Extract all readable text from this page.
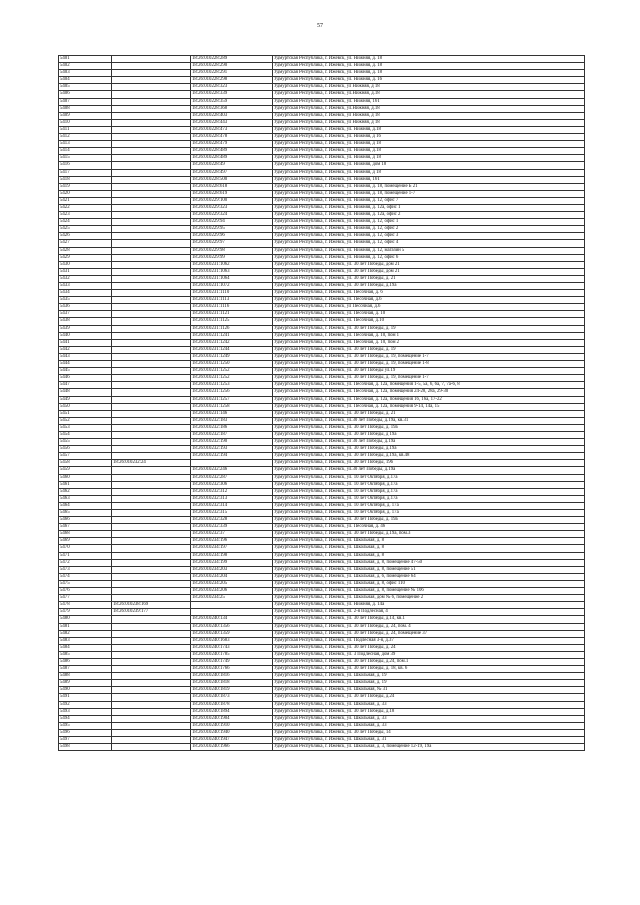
57
5401		18:26:010228:289	Удмуртская Республика, г. Ижевск, ул. Нижняя, д. 18
5402		18:26:010228:290	Удмуртская Республика, г. Ижевск, ул. Нижняя, д. 18
5403		18:26:010228:291	Удмуртская Республика, г. Ижевск, ул. Нижняя, д. 18
5404		18:26:010228:298	Удмуртская Республика, г. Ижевск, ул. Нижняя, д. 16
5405		18:26:010228:323	Удмуртская Республика, г. Ижевск, ул Нижняя, д 18
5406		18:26:010228:339	Удмуртская Республика, г. Ижевск, ул.Нижняя, д.18
5407		18:26:010228:359	Удмуртская Республика, г. Ижевск, ул. Нижняя, 16Т
5408		18:26:010228:368	Удмуртская Республика, г. Ижевск, ул.Нижняя, д.18
5409		18:26:010228:403	Удмуртская Республика, г. Ижевск, ул Нижняя, д 18
5410		18:26:010228:443	Удмуртская Республика, г. Ижевск, ул Нижняя, д 18
5411		18:26:010228:473	Удмуртская Республика, г. Ижевск, ул. Нижняя, д.18
5412		18:26:010228:478	Удмуртская Республика, г. Ижевск, ул. Нижняя, д 16
5413		18:26:010228:479	Удмуртская Республика, г. Ижевск, ул. Нижняя, д 18
5414		18:26:010228:489	Удмуртская Республика, г. Ижевск, ул. Нижняя, д.18
5415		18:26:010228:489	Удмуртская Республика, г. Ижевск, ул. Нижняя, д 18
5416		18:26:010228:49	Удмуртская Республика, г. Ижевск, ул. Нижняя, дом 18
5417		18:26:010228:497	Удмуртская Республика, г. Ижевск, ул. Нижняя, д 18
5418		18:26:010228:500	Удмуртская Республика, г. Ижевск, ул. Нижняя, 16Т
5419		18:26:010228:618	Удмуртская Республика, г. Ижевск, ул. Нижняя, д. 18, помещение Б 21
5420		18:26:010228:619	Удмуртская Республика, г. Ижевск, ул. Нижняя, д. 18, помещение 1-7
5421		18:26:010229:100	Удмуртская Республика, г. Ижевск, ул. Нижняя, д. 12, офис 7
5422		18:26:010229:323	Удмуртская Республика, г. Ижевск, ул. Нижняя, д. 12а, офис 1
5423		18:26:010229:324	Удмуртская Республика, г. Ижевск, ул. Нижняя, д. 12а, офис 2
5424		18:26:010229:94	Удмуртская Республика, г. Ижевск, ул. Нижняя, д. 12, офис 1
5425		18:26:010229:95	Удмуртская Республика, г. Ижевск, ул. Нижняя, д. 12, офис 2
5426		18:26:010229:96	Удмуртская Республика, г. Ижевск, ул. Нижняя, д. 12, офис 3
5427		18:26:010229:97	Удмуртская Республика, г. Ижевск, ул. Нижняя, д. 12, офис 4
5428		18:26:010229:98	Удмуртская Республика, г. Ижевск, ул. Нижняя, д. 12, магазин 5
5429		18:26:010229:99	Удмуртская Республика, г. Ижевск, ул. Нижняя, д. 12, офис 6
5430		18:26:010231:1062	Удмуртская Республика, г. Ижевск, ул. 30 лет Победы, дом 21
5431		18:26:010231:1063	Удмуртская Республика, г. Ижевск, ул. 30 лет Победы, дом 21
5432		18:26:010231:1064	Удмуртская Республика, г. Ижевск, ул. 30 лет Победы, д. 21
5433		18:26:010231:1072	Удмуртская Республика, г. Ижевск, ул. 30 лет Победы, д.19а
5434		18:26:010231:1110	Удмуртская Республика, г. Ижевск, ул. Песочная, д. 6
5435		18:26:010231:1113	Удмуртская Республика, г. Ижевск, ул. Песочная, д.6
5436		18:26:010231:1116	Удмуртская Республика, г. Ижевск, ул Песочная, д.6
5437		18:26:010231:1121	Удмуртская Республика, г. Ижевск, ул. Песочная, д. 10
5438		18:26:010231:1125	Удмуртская Республика, г. Ижевск, ул. Песочная, д.10
5439		18:26:010231:1126	Удмуртская Республика, г. Ижевск, ул. 30 лет Победы, д. 19
5440		18:26:010231:1241	Удмуртская Республика, г. Ижевск, ул. Песочная, д. 10, пом 1
5441		18:26:010231:1242	Удмуртская Республика, г. Ижевск, ул. Песочная, д. 10, пом 2
5442		18:26:010231:1244	Удмуртская Республика, г. Ижевск, ул. 30 лет Победы, д. 19
5443		18:26:010231:1249	Удмуртская Республика, г. Ижевск, ул. 30 лет Победы, д. 19, помещение 1-7
5444		18:26:010231:1250	Удмуртская Республика, г. Ижевск, ул. 30 лет Победы, д. 19, помещение 1-8
5445		18:26:010231:1252	Удмуртская Республика, г. Ижевск, ул. 30 лет Победы ул.19
5446		18:26:010231:1252	Удмуртская Республика, г. Ижевск, ул. 30 лет Победы, д. 19, помещение 1-7
5447		18:26:010231:1253	Удмуртская Республика, г. Ижевск, ул. Песочная, д. 12а, помещения 1-5, 5а, 6, 6а, 7, 7а-6, 8
5448		18:26:010231:1256	Удмуртская Республика, г. Ижевск, ул. Песочная, д. 12а, помещения 24-28, 28а, 29-30
5449		18:26:010231:1257	Удмуртская Республика, г. Ижевск, ул. Песочная, д. 12а, помещения 16, 16а, 17-22
5450		18:26:010231:1258	Удмуртская Республика, г. Ижевск, ул. Песочная, д. 12а, помещения 9-14, 14а, 15
5451		18:26:010231:146	Удмуртская Республика, г. Ижевск, ул. 30 лет Победы, д. 21
5452		18:26:010232:183	Удмуртская Республика, г. Ижевск, ул.30 лет Победы, д.19а, кв.31
5453		18:26:010232:186	Удмуртская Республика, г. Ижевск, ул. 30 лет Победы, д. 19а
5454		18:26:010232:187	Удмуртская Республика, г. Ижевск, ул. 30 лет Победы, д 19а
5455		18:26:010232:190	Удмуртская Республика, г. Ижевск, ул 30 лет Победы, д.19а
5456		18:26:010232:193	Удмуртская Республика, г. Ижевск, ул. 30 лет Победы, д.19а
5457		18:26:010232:194	Удмуртская Республика, г. Ижевск, ул. 30 лет Победы, д.19а, кв.48
5458	18:26:010232:24		Удмуртская Республика, г. Ижевск, ул. 30 лет Победы, 19б
5459		18:26:010232:246	Удмуртская Республика, г. Ижевск, ул.30 лет Победы, д.19а
5460		18:26:010232:287	Удмуртская Республика, г. Ижевск, ул. 10 лет Октября, д.17а
5461		18:26:010232:306	Удмуртская Республика, г. Ижевск, ул. 10 лет Октября, д.17а
5462		18:26:010232:312	Удмуртская Республика, г. Ижевск, ул. 10 лет Октября, д.17а
5463		18:26:010232:313	Удмуртская Республика, г. Ижевск, ул. 10 лет Октября, д.17а
5464		18:26:010232:314	Удмуртская Республика, г. Ижевск, ул. 10 лет Октября, д. 17а
5465		18:26:010232:315	Удмуртская Республика, г. Ижевск, ул. 10 лет Октября, д. 17а
5466		18:26:010232:328	Удмуртская Республика, г. Ижевск, ул. 30 лет Победы, д. 19а
5467		18:26:010232:339	Удмуртская Республика, г. Ижевск, ул. Песочная, д. 46
5468		18:26:010232:37	Удмуртская Республика, г. Ижевск, ул. 30 лет Победы, д.19а, пом.3
5469		18:26:010234:196	Удмуртская Республика, г. Ижевск, ул. Школьная, д. 8
5470		18:26:010234:197	Удмуртская Республика, г. Ижевск, ул. Школьная, д. 8
5471		18:26:010234:198	Удмуртская Республика, г. Ижевск, ул. Школьная, д. 8
5472		18:26:010234:199	Удмуртская Республика, г. Ижевск, ул. Школьная, д. 8, помещение 47-50
5473		18:26:010234:203	Удмуртская Республика, г. Ижевск, ул. Школьная, д. 8, помещение 51
5474		18:26:010234:204	Удмуртская Республика, г. Ижевск, ул. Школьная, д. 6, помещение 64
5475		18:26:010234:205	Удмуртская Республика, г. Ижевск, ул. Школьная, д. 8, офис 110
5476		18:26:010234:206	Удмуртская Республика, г. Ижевск, ул. Школьная, д. 8, помещение № 106
5477		18:26:010234:25	Удмуртская Республика, г. Ижевск, ул. Школьная, дом № 6, помещение 2
5478	18:26:010238:169		Удмуртская Республика, г. Ижевск, ул. Нижняя, д. 14а
5479	18:26:010239:177		Удмуртская Республика, г. Ижевск, ул. 2-я Подлесная, 4
5480		18:26:010240:134	Удмуртская Республика, г. Ижевск, ул. 30 лет Победы, д.14, кв.1
5481		18:26:010240:1356	Удмуртская Республика, г. Ижевск, ул. 30 лет Победы, д. 24, пом. 4
5482		18:26:010240:1359	Удмуртская Республика, г. Ижевск, ул. 30 лет Победы, д. 24, помещение 37
5483		18:26:010240:1683	Удмуртская Республика, г. Ижевск, ул. Подлесная 3-я, д.37
5484		18:26:010240:1743	Удмуртская Республика, г. Ижевск, ул. 30 лет Победы, д. 24
5485		18:26:010240:1785	Удмуртская Республика, г. Ижевск, ул. 3 Подлесная, дом 39
5486		18:26:010240:1749	Удмуртская Республика, г. Ижевск, ул. 30 лет Победы, д.24, пом.1
5487		18:26:010240:1766	Удмуртская Республика, г. Ижевск, ул. 30 лет Победы, д. 18, кв. 6
5488		18:26:010240:1816	Удмуртская Республика, г. Ижевск, ул. Школьная, д. 19
5489		18:26:010240:1818	Удмуртская Республика, г. Ижевск, ул. Школьная, д. 19
5490		18:26:010240:1819	Удмуртская Республика, г. Ижевск, ул. Школьная, № 31
5491		18:26:010240:1873	Удмуртская Республика, г. Ижевск, ул. 30 лет Победы, д.24
5492		18:26:010240:1878	Удмуртская Республика, г. Ижевск, ул. Школьная, д. 33
5493		18:26:010240:1894	Удмуртская Республика, г. Ижевск, ул. 30 лет Победы, д.18
5494		18:26:010240:1904	Удмуртская Республика, г. Ижевск, ул. Школьная, д. 33
5495		18:26:010240:1910	Удмуртская Республика, г. Ижевск, ул. Школьная, д. 33
5496		18:26:010240:1940	Удмуртская Республика, г. Ижевск, ул. 30 лет Победы, 14
5497		18:26:010240:1947	Удмуртская Республика, г. Ижевск, ул. Школьная, д. 31
5498		18:26:010240:1966	Удмуртская Республика, г. Ижевск, ул. Школьная, д. 3, помещение 12-19, 19а
